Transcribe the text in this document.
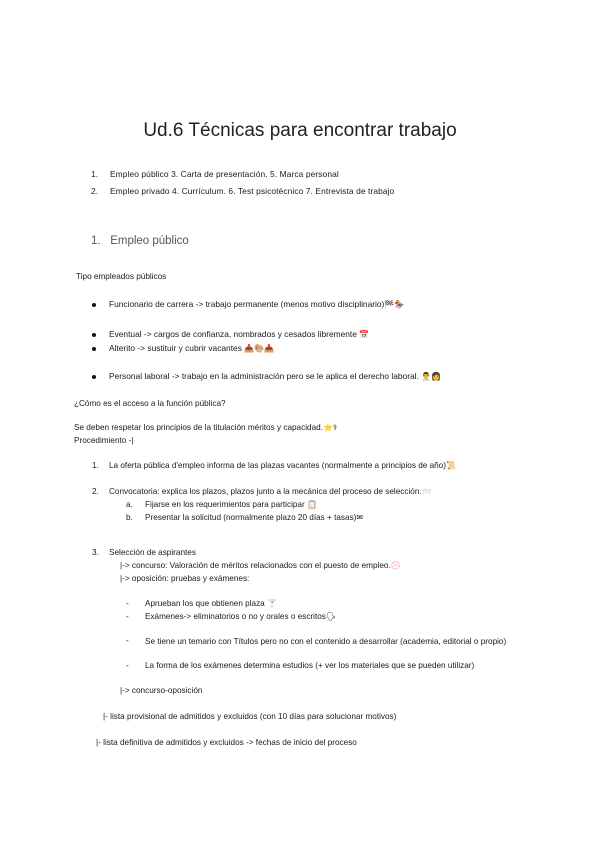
Ud.6 Técnicas para encontrar trabajo
1. Empleo público 3. Carta de presentación. 5. Marca personal
2. Empleo privado 4. Currículum. 6. Test psicotécnico 7. Entrevista de trabajo
1. Empleo público
Tipo empleados públicos
Funcionario de carrera -> trabajo permanente (menos motivo disciplinario)🏁🏇
Eventual -> cargos de confianza, nombrados y cesados libremente 📅
Alterito -> sustituir y cubrir vacantes 📥🎨📥
Personal laboral -> trabajo en la administración pero se le aplica el derecho laboral. 👨‍⚕️👩
¿Cómo es el acceso a la función pública?
Se deben respetar los principios de la titulación méritos y capacidad.⭐⚕
Procedimiento -|
1. La oferta pública d'empleo informa de las plazas vacantes (normalmente a principios de año)📜
2. Convocatoria: explica los plazos, plazos junto a la mecánica del proceso de selección.📨
a. Fijarse en los requerimientos para participar 📋
b. Presentar la solicitud (normalmente plazo 20 días + tasas)✉
3. Selección de aspirantes
|-> concurso: Valoración de méritos relacionados con el puesto de empleo.💮
|-> oposición: pruebas y exámenes:
- Aprueban los que obtienen plaza 🍸
- Exámenes-> eliminatorios o no y orales o escritos🗣
- Se tiene un temario con Títulos pero no con el contenido a desarrollar (academia, editorial o propio)
- La forma de los exámenes determina estudios (+ ver los materiales que se pueden utilizar)
|-> concurso-oposición
|- lista provisional de admitidos y excluidos (con 10 días para solucionar motivos)
|- lista definitiva de admitidos y excluidos -> fechas de inicio del proceso
